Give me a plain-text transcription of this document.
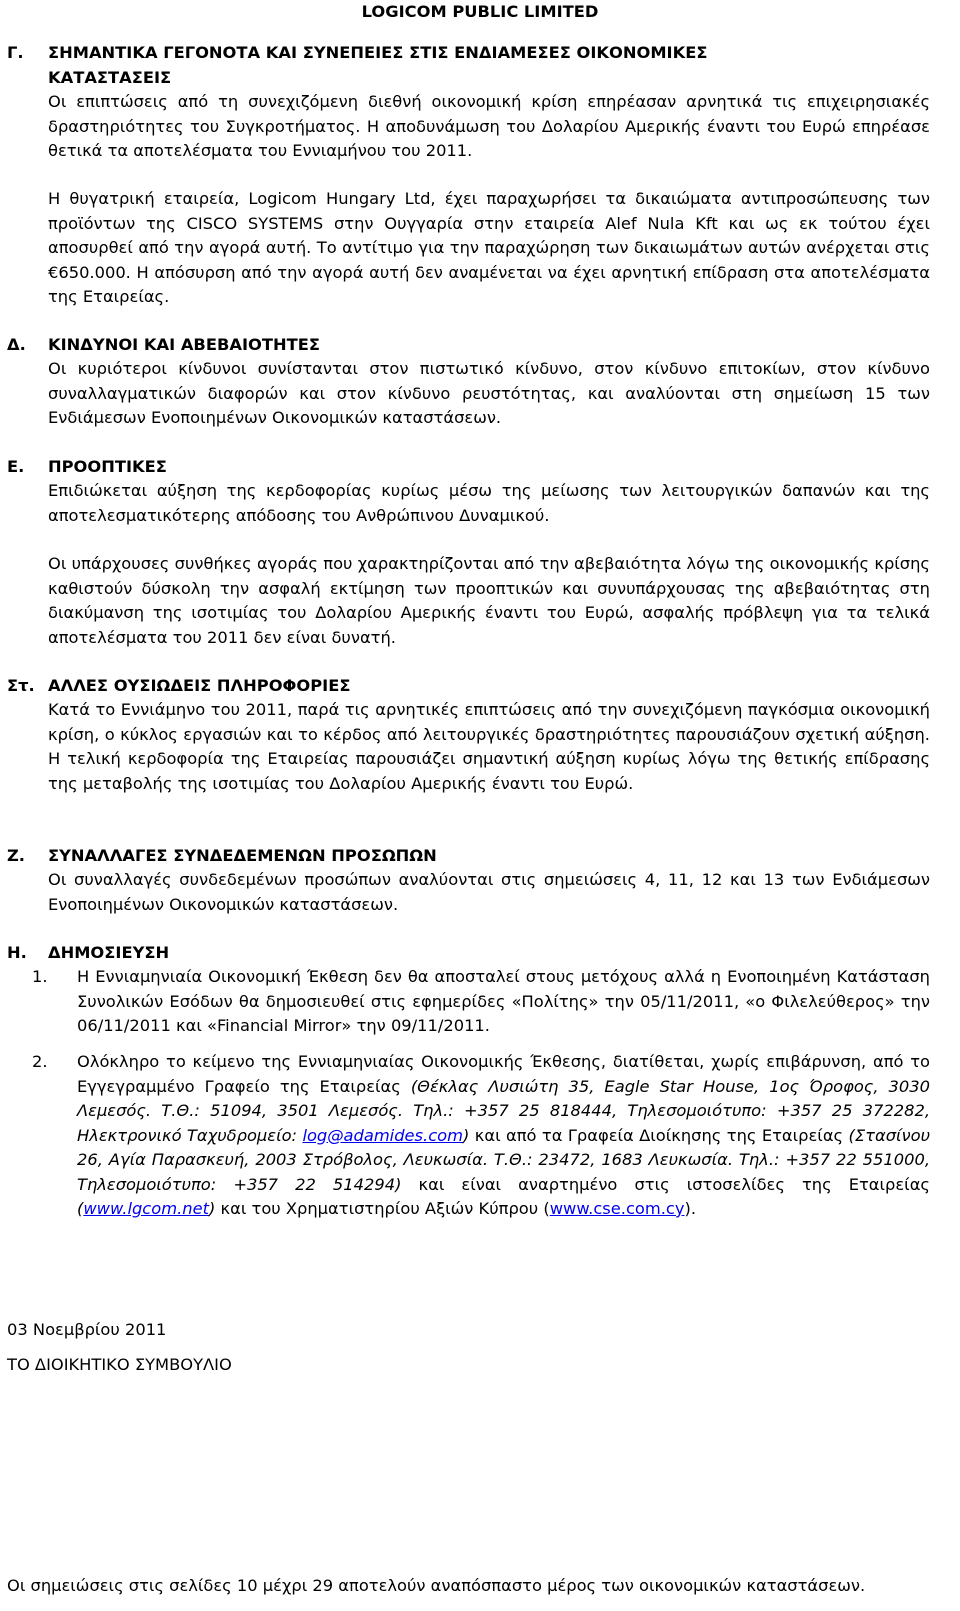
LOGICOM PUBLIC LIMITED
Γ. ΣΗΜΑΝΤΙΚΑ ΓΕΓΟΝΟΤΑ ΚΑΙ ΣΥΝΕΠΕΙΕΣ ΣΤΙΣ ΕΝΔΙΑΜΕΣΕΣ ΟΙΚΟΝΟΜΙΚΕΣ ΚΑΤΑΣΤΑΣΕΙΣ
Οι επιπτώσεις από τη συνεχιζόμενη διεθνή οικονομική κρίση επηρέασαν αρνητικά τις επιχειρησιακές δραστηριότητες του Συγκροτήματος. Η αποδυνάμωση του Δολαρίου Αμερικής έναντι του Ευρώ επηρέασε θετικά τα αποτελέσματα του Εννιαμήνου του 2011.
Η θυγατρική εταιρεία, Logicom Hungary Ltd, έχει παραχωρήσει τα δικαιώματα αντιπροσώπευσης των προϊόντων της CISCO SYSTEMS στην Ουγγαρία στην εταιρεία Alef Nula Kft και ως εκ τούτου έχει αποσυρθεί από την αγορά αυτή. Το αντίτιμο για την παραχώρηση των δικαιωμάτων αυτών ανέρχεται στις €650.000. Η απόσυρση από την αγορά αυτή δεν αναμένεται να έχει αρνητική επίδραση στα αποτελέσματα της Εταιρείας.
Δ. ΚΙΝΔΥΝΟΙ ΚΑΙ ΑΒΕΒΑΙΟΤΗΤΕΣ
Οι κυριότεροι κίνδυνοι συνίστανται στον πιστωτικό κίνδυνο, στον κίνδυνο επιτοκίων, στον κίνδυνο συναλλαγματικών διαφορών και στον κίνδυνο ρευστότητας, και αναλύονται στη σημείωση 15 των Ενδιάμεσων Ενοποιημένων Οικονομικών καταστάσεων.
Ε. ΠΡΟΟΠΤΙΚΕΣ
Επιδιώκεται αύξηση της κερδοφορίας κυρίως μέσω της μείωσης των λειτουργικών δαπανών και της αποτελεσματικότερης απόδοσης του Ανθρώπινου Δυναμικού.
Οι υπάρχουσες συνθήκες αγοράς που χαρακτηρίζονται από την αβεβαιότητα λόγω της οικονομικής κρίσης καθιστούν δύσκολη την ασφαλή εκτίμηση των προοπτικών και συνυπάρχουσας της αβεβαιότητας στη διακύμανση της ισοτιμίας του Δολαρίου Αμερικής έναντι του Ευρώ, ασφαλής πρόβλεψη για τα τελικά αποτελέσματα του 2011 δεν είναι δυνατή.
Στ. ΑΛΛΕΣ ΟΥΣΙΩΔΕΙΣ ΠΛΗΡΟΦΟΡΙΕΣ
Κατά το Εννιάμηνο του 2011, παρά τις αρνητικές επιπτώσεις από την συνεχιζόμενη παγκόσμια οικονομική κρίση, ο κύκλος εργασιών και το κέρδος από λειτουργικές δραστηριότητες παρουσιάζουν σχετική αύξηση. Η τελική κερδοφορία της Εταιρείας παρουσιάζει σημαντική αύξηση κυρίως λόγω της θετικής επίδρασης της μεταβολής της ισοτιμίας του Δολαρίου Αμερικής έναντι του Ευρώ.
Ζ. ΣΥΝΑΛΛΑΓΕΣ ΣΥΝΔΕΔΕΜΕΝΩΝ ΠΡΟΣΩΠΩΝ
Οι συναλλαγές συνδεδεμένων προσώπων αναλύονται στις σημειώσεις 4, 11, 12 και 13 των Ενδιάμεσων Ενοποιημένων Οικονομικών καταστάσεων.
Η. ΔΗΜΟΣΙΕΥΣΗ
1. Η Εννιαμηνιαία Οικονομική Έκθεση δεν θα αποσταλεί στους μετόχους αλλά η Ενοποιημένη Κατάσταση Συνολικών Εσόδων θα δημοσιευθεί στις εφημερίδες «Πολίτης» την 05/11/2011, «ο Φιλελεύθερος» την 06/11/2011 και «Financial Mirror» την 09/11/2011.
2. Ολόκληρο το κείμενο της Εννιαμηνιαίας Οικονομικής Έκθεσης, διατίθεται, χωρίς επιβάρυνση, από το Εγγεγραμμένο Γραφείο της Εταιρείας (Θέκλας Λυσιώτη 35, Eagle Star House, 1ος Όροφος, 3030 Λεμεσός. Τ.Θ.: 51094, 3501 Λεμεσός. Τηλ.: +357 25 818444, Τηλεσομοιότυπο: +357 25 372282, Ηλεκτρονικό Ταχυδρομείο: log@adamides.com) και από τα Γραφεία Διοίκησης της Εταιρείας (Στασίνου 26, Αγία Παρασκευή, 2003 Στρόβολος, Λευκωσία. Τ.Θ.: 23472, 1683 Λευκωσία. Τηλ.: +357 22 551000, Τηλεσομοιότυπο: +357 22 514294) και είναι αναρτημένο στις ιστοσελίδες της Εταιρείας (www.lgcom.net) και του Χρηματιστηρίου Αξιών Κύπρου (www.cse.com.cy).
03 Νοεμβρίου 2011
ΤΟ ΔΙΟΙΚΗΤΙΚΟ ΣΥΜΒΟΥΛΙΟ
Οι σημειώσεις στις σελίδες 10 μέχρι 29 αποτελούν αναπόσπαστο μέρος των οικονομικών καταστάσεων.
